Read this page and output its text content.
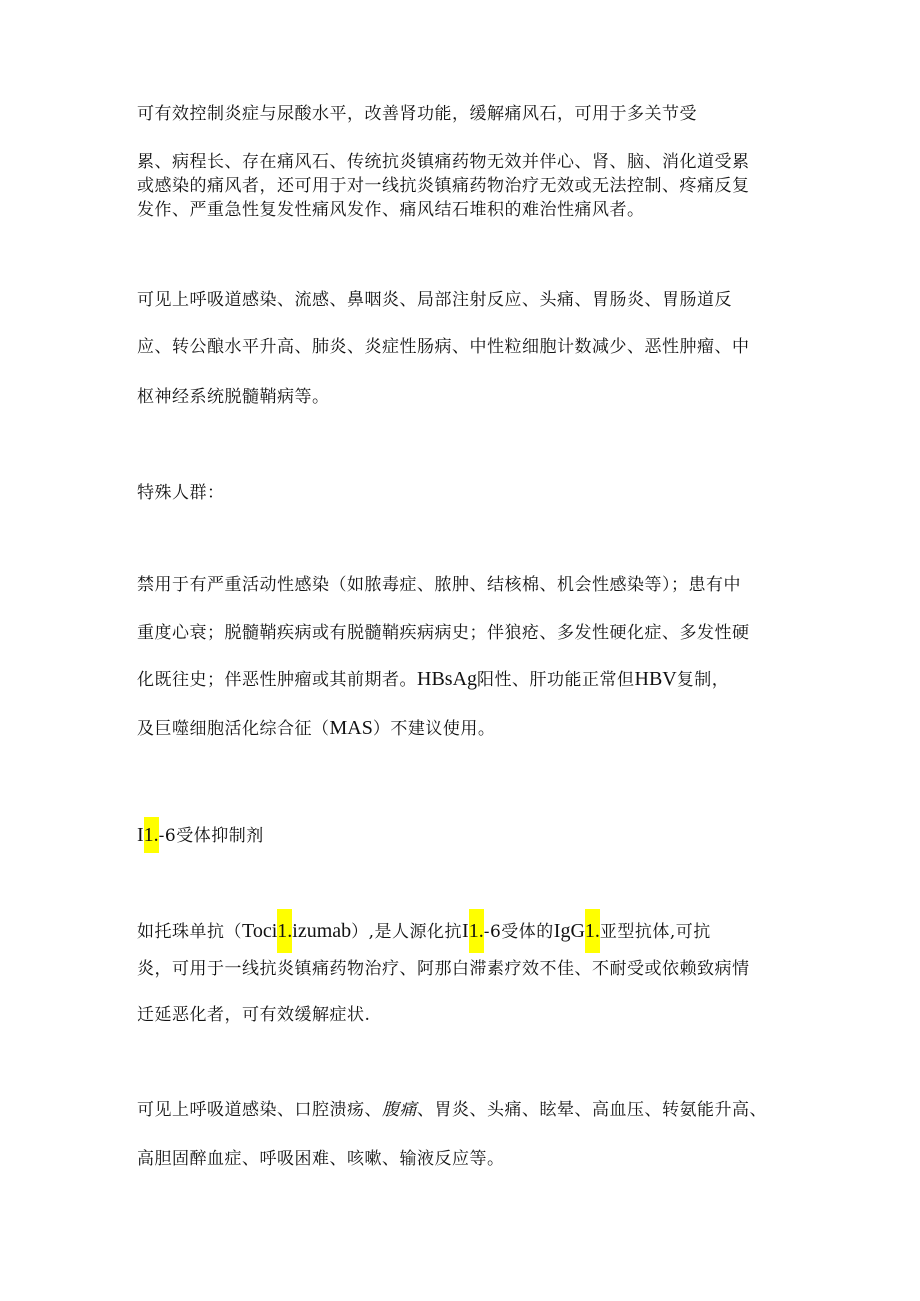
可有效控制炎症与尿酸水平，改善肾功能，缓解痛风石，可用于多关节受
累、病程长、存在痛风石、传统抗炎镇痛药物无效并伴心、肾、脑、消化道受累
或感染的痛风者，还可用于对一线抗炎镇痛药物治疗无效或无法控制、疼痛反复
发作、严重急性复发性痛风发作、痛风结石堆积的难治性痛风者。
可见上呼吸道感染、流感、鼻咽炎、局部注射反应、头痛、胃肠炎、胃肠道反
应、转公酿水平升高、肺炎、炎症性肠病、中性粒细胞计数减少、恶性肿瘤、中
枢神经系统脱髓鞘病等。
特殊人群：
禁用于有严重活动性感染（如脓毒症、脓肿、结核棉、机会性感染等）；患有中
重度心衰；脱髓鞘疾病或有脱髓鞘疾病病史；伴狼疮、多发性硬化症、多发性硬
化既往史；伴恶性肿瘤或其前期者。HBsAg阳性、肝功能正常但HBV复制，
及巨噬细胞活化综合征（MAS）不建议使用。
I1.-6受体抑制剂
如托珠单抗（Toci1.izumab）,是人源化抗I1.-6受体的IgG1.亚型抗体,可抗
炎，可用于一线抗炎镇痛药物治疗、阿那白滞素疗效不佳、不耐受或依赖致病情
迁延恶化者，可有效缓解症状.
可见上呼吸道感染、口腔溃疡、腹痛、胃炎、头痛、眩晕、高血压、转氨能升高、
高胆固醉血症、呼吸困难、咳嗽、输液反应等。
